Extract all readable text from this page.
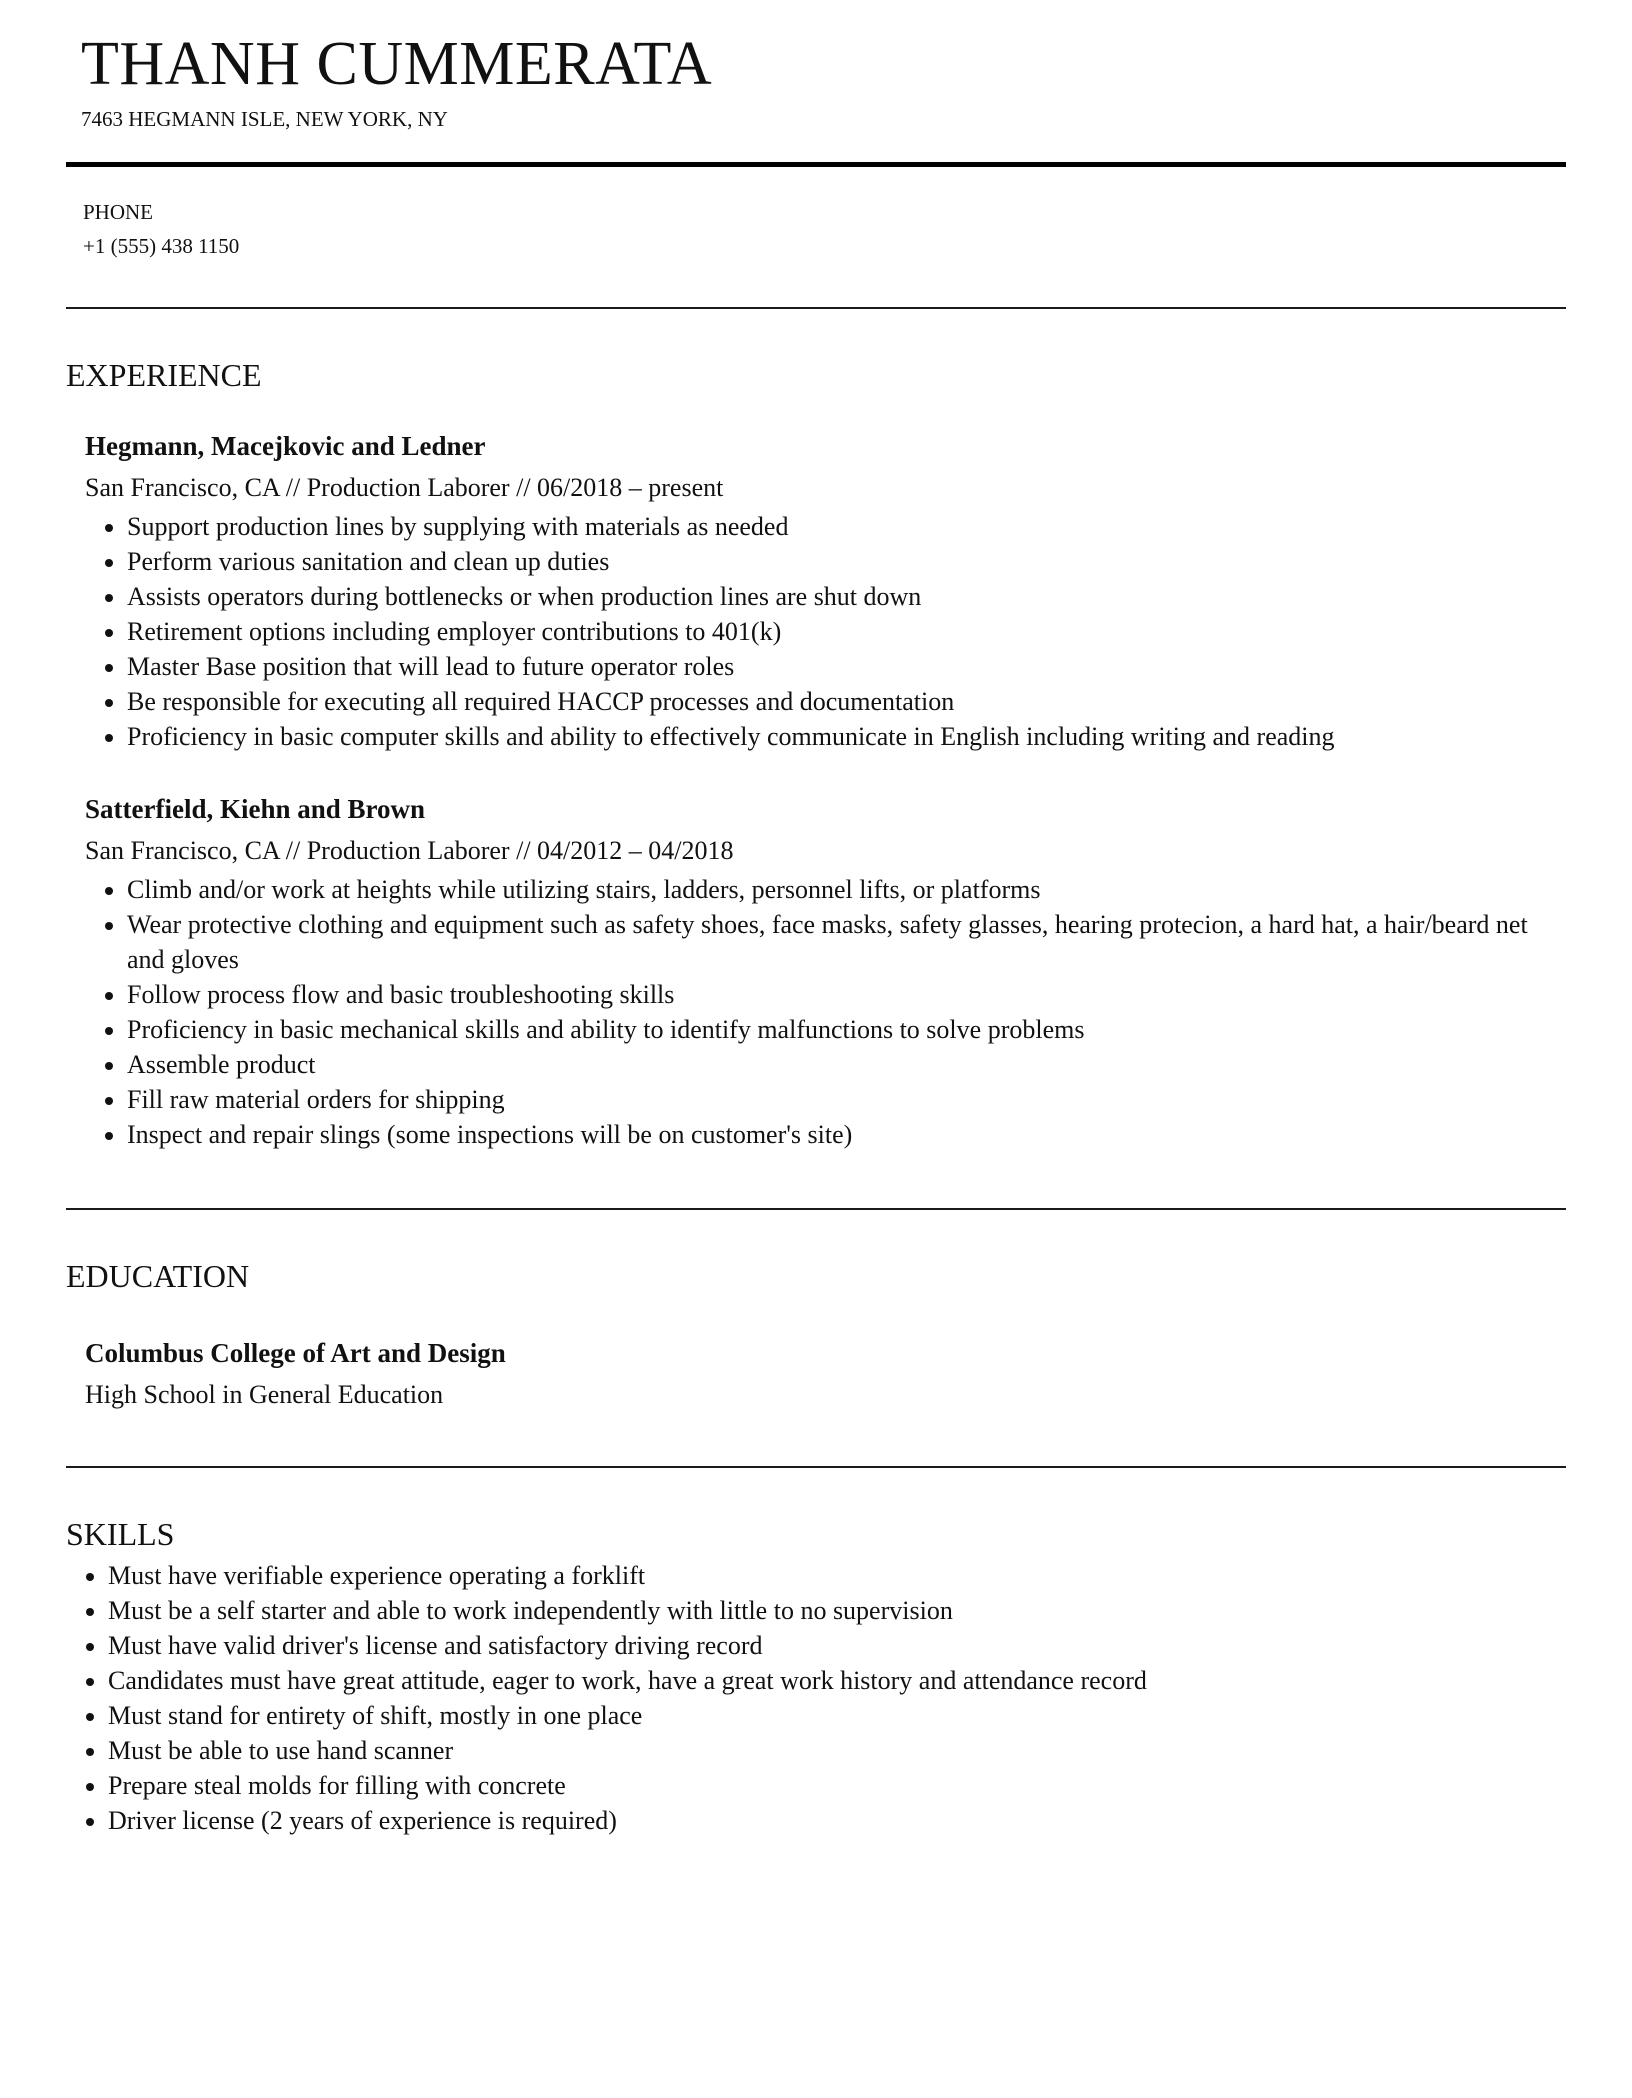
THANH CUMMERATA
7463 HEGMANN ISLE, NEW YORK, NY
PHONE
+1 (555) 438 1150
EXPERIENCE
Hegmann, Macejkovic and Ledner
San Francisco, CA // Production Laborer // 06/2018 – present
• Support production lines by supplying with materials as needed
• Perform various sanitation and clean up duties
• Assists operators during bottlenecks or when production lines are shut down
• Retirement options including employer contributions to 401(k)
• Master Base position that will lead to future operator roles
• Be responsible for executing all required HACCP processes and documentation
• Proficiency in basic computer skills and ability to effectively communicate in English including writing and reading
Satterfield, Kiehn and Brown
San Francisco, CA // Production Laborer // 04/2012 – 04/2018
• Climb and/or work at heights while utilizing stairs, ladders, personnel lifts, or platforms
• Wear protective clothing and equipment such as safety shoes, face masks, safety glasses, hearing protecion, a hard hat, a hair/beard net and gloves
• Follow process flow and basic troubleshooting skills
• Proficiency in basic mechanical skills and ability to identify malfunctions to solve problems
• Assemble product
• Fill raw material orders for shipping
• Inspect and repair slings (some inspections will be on customer's site)
EDUCATION
Columbus College of Art and Design
High School in General Education
SKILLS
• Must have verifiable experience operating a forklift
• Must be a self starter and able to work independently with little to no supervision
• Must have valid driver's license and satisfactory driving record
• Candidates must have great attitude, eager to work, have a great work history and attendance record
• Must stand for entirety of shift, mostly in one place
• Must be able to use hand scanner
• Prepare steal molds for filling with concrete
• Driver license (2 years of experience is required)
